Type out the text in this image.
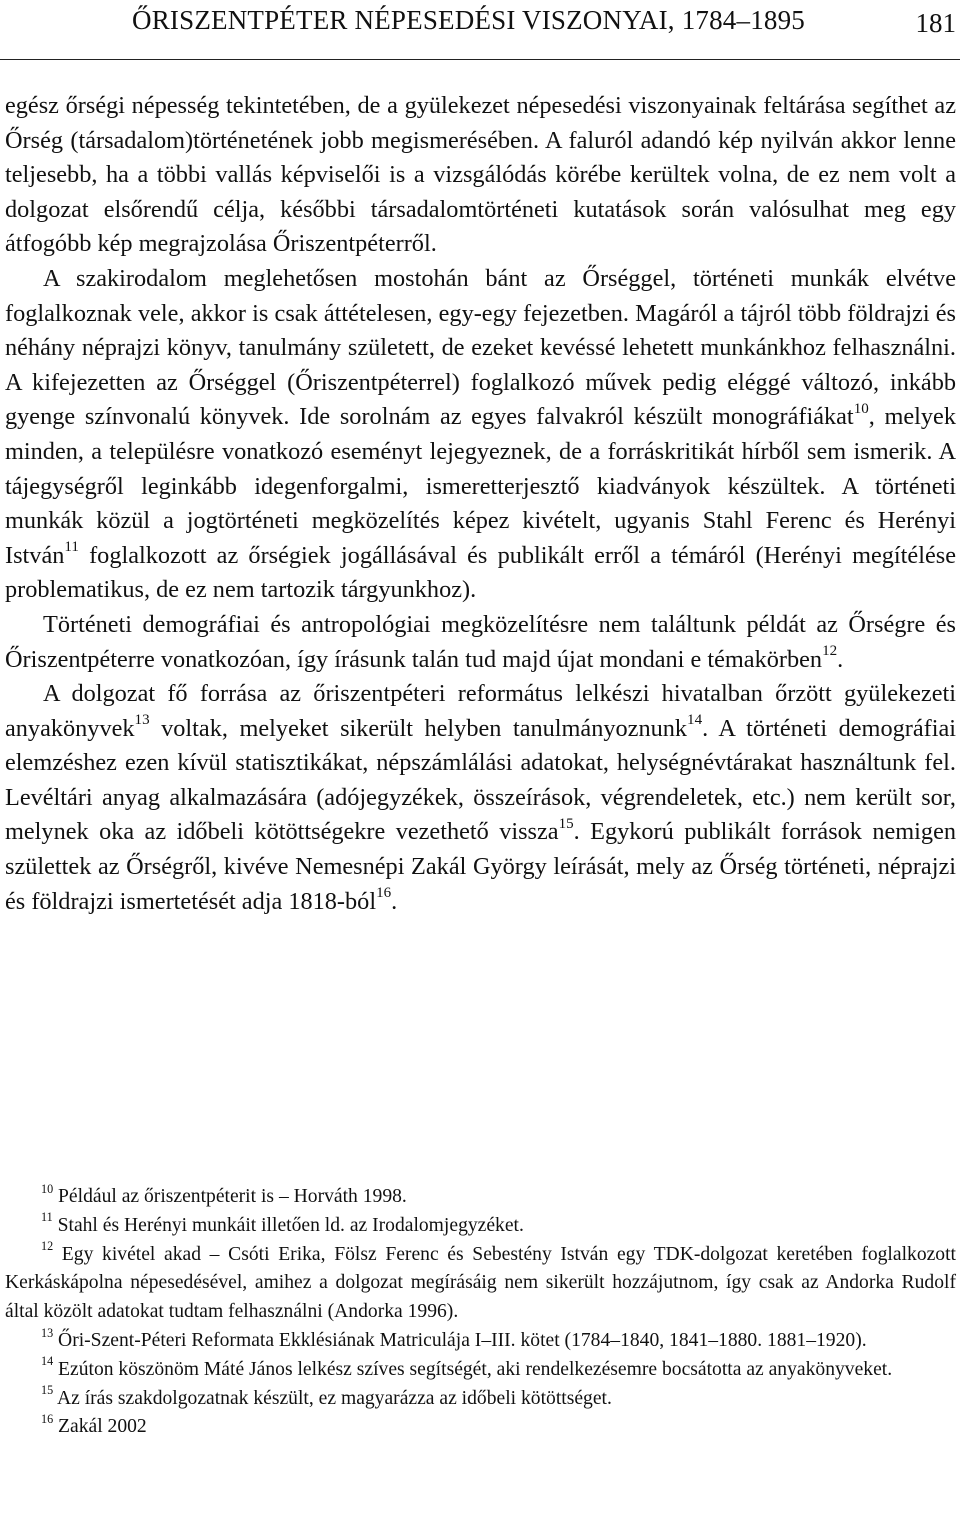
ŐRISZENTPÉTER NÉPESEDÉSI VISZONYAI, 1784–1895	181

egész őrségi népesség tekintetében, de a gyülekezet népesedési viszonyainak feltárása segíthet az Őrség (társadalom)történetének jobb megismerésében. A faluról adandó kép nyilván akkor lenne teljesebb, ha a többi vallás képviselői is a vizsgálódás körébe kerültek volna, de ez nem volt a dolgozat elsőrendű célja, későbbi társadalomtörténeti kutatások során valósulhat meg egy átfogóbb kép megrajzolása Őriszentpéterről.

A szakirodalom meglehetősen mostohán bánt az Őrséggel, történeti munkák elvétve foglalkoznak vele, akkor is csak áttételesen, egy-egy fejezetben. Magáról a tájról több földrajzi és néhány néprajzi könyv, tanulmány született, de ezeket kevéssé lehetett munkánkhoz felhasználni. A kifejezetten az Őrséggel (Őriszentpéterrel) foglalkozó művek pedig eléggé változó, inkább gyenge színvonalú könyvek. Ide sorolnám az egyes falvakról készült monográfiákat$^{10}$, melyek minden, a településre vonatkozó eseményt lejegyeznek, de a forráskritikát hírből sem ismerik. A tájegységről leginkább idegenforgalmi, ismeretterjesztő kiadványok készültek. A történeti munkák közül a jogtörténeti megközelítés képez kivételt, ugyanis Stahl Ferenc és Herényi István$^{11}$ foglalkozott az őrségiek jogállásával és publikált erről a témáról (Herényi megítélése problematikus, de ez nem tartozik tárgyunkhoz).

Történeti demográfiai és antropológiai megközelítésre nem találtunk példát az Őrségre és Őriszentpéterre vonatkozóan, így írásunk talán tud majd újat mondani e témakörben$^{12}$.

A dolgozat fő forrása az őriszentpéteri református lelkészi hivatalban őrzött gyülekezeti anyakönyvek$^{13}$ voltak, melyeket sikerült helyben tanulmányoznunk$^{14}$. A történeti demográfiai elemzéshez ezen kívül statisztikákat, népszámlálási adatokat, helységnévtárakat használtunk fel. Levéltári anyag alkalmazására (adójegyzékek, összeírások, végrendeletek, etc.) nem került sor, melynek oka az időbeli kötöttségekre vezethető vissza$^{15}$. Egykorú publikált források nemigen születtek az Őrségről, kivéve Nemesnépi Zakál György leírását, mely az Őrség történeti, néprajzi és földrajzi ismertetését adja 1818-ból$^{16}$.

$^{10}$ Például az őriszentpéterit is – Horváth 1998.

$^{11}$ Stahl és Herényi munkáit illetően ld. az Irodalomjegyzéket.

$^{12}$ Egy kivétel akad – Csóti Erika, Fölsz Ferenc és Sebestény István egy TDK-dolgozat keretében foglalkozott Kerkáskápolna népesedésével, amihez a dolgozat megírásáig nem sikerült hozzájutnom, így csak az Andorka Rudolf által közölt adatokat tudtam felhasználni (Andorka 1996).

$^{13}$ Őri-Szent-Péteri Reformata Ekklésiának Matriculája I–III. kötet (1784–1840, 1841–1880. 1881–1920).

$^{14}$ Ezúton köszönöm Máté János lelkész szíves segítségét, aki rendelkezésemre bocsátotta az anyakönyveket.

$^{15}$ Az írás szakdolgozatnak készült, ez magyarázza az időbeli kötöttséget.

$^{16}$ Zakál 2002
